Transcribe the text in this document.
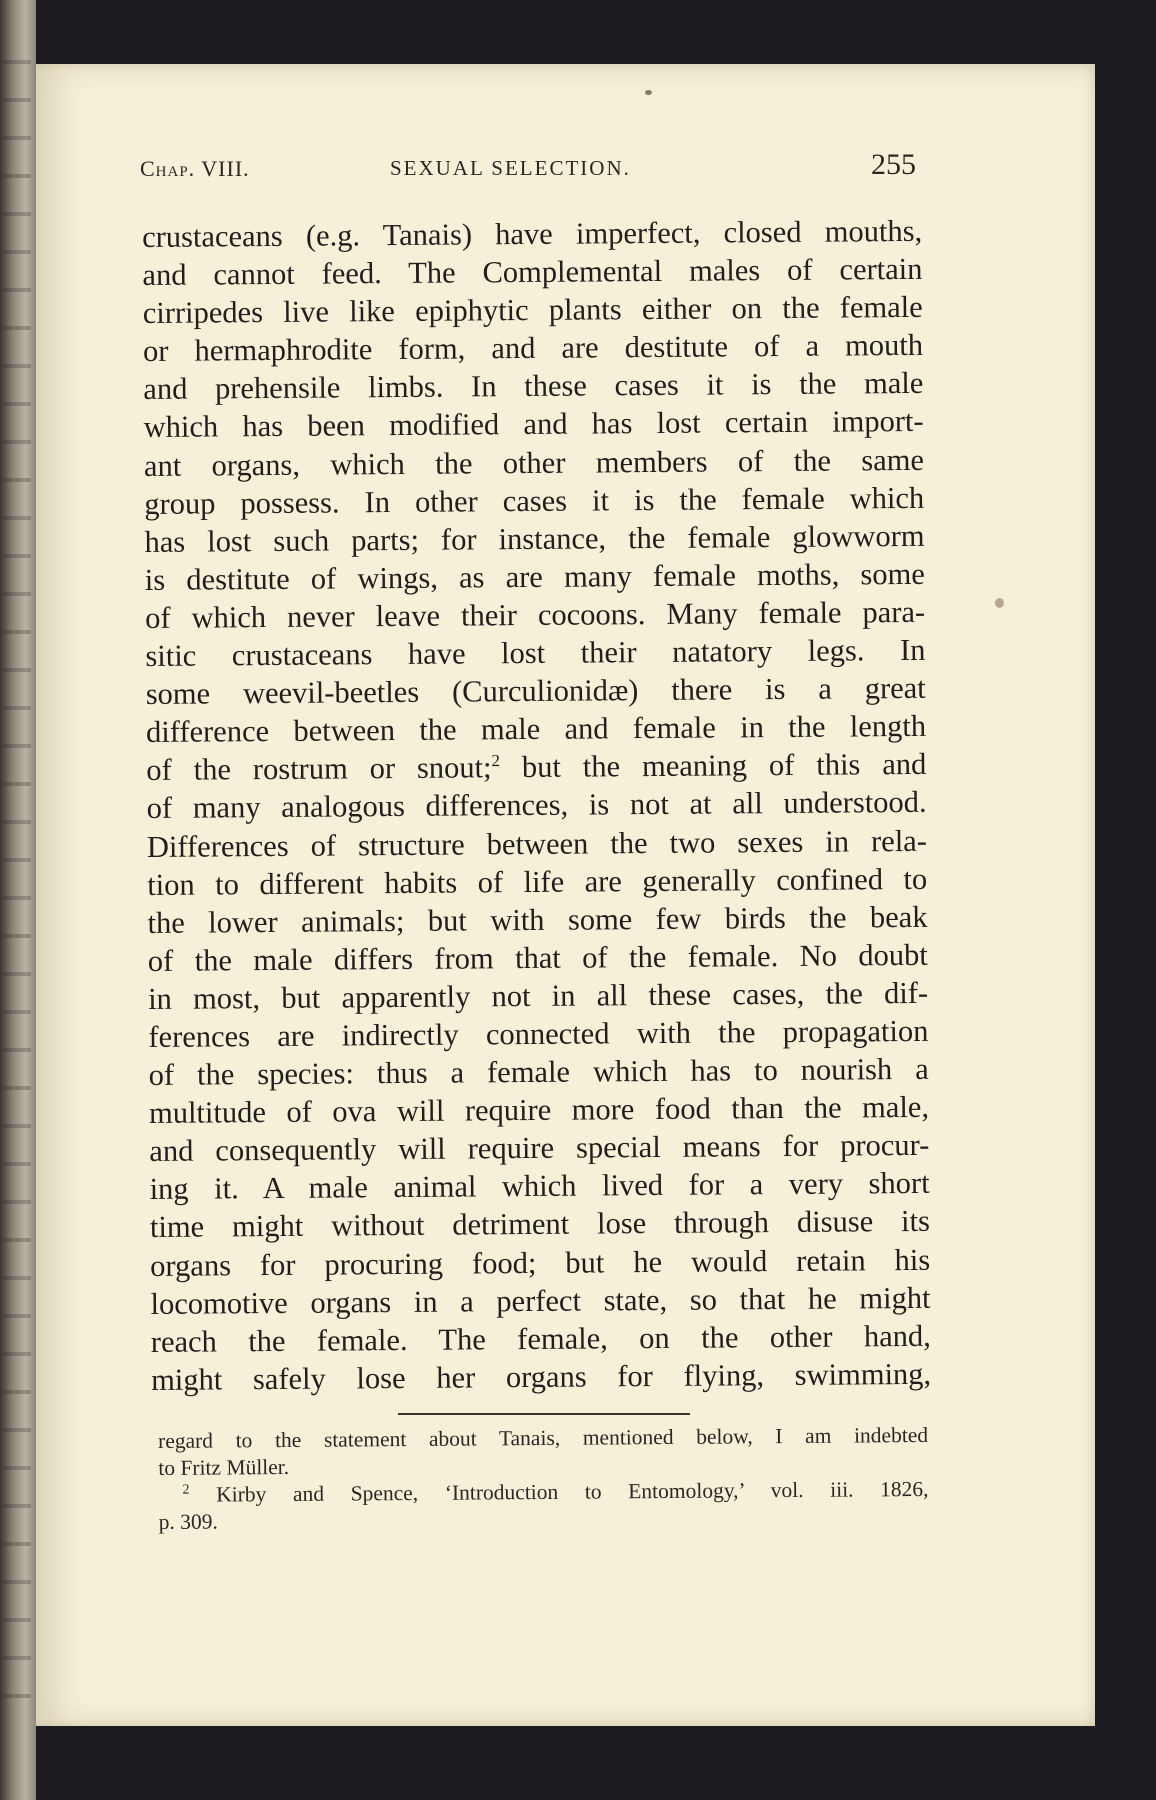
Chap. VIII.	SEXUAL SELECTION.	255
crustaceans (e.g. Tanais) have imperfect, closed mouths,
and cannot feed. The Complemental males of certain
cirripedes live like epiphytic plants either on the female
or hermaphrodite form, and are destitute of a mouth
and prehensile limbs. In these cases it is the male
which has been modified and has lost certain import-
ant organs, which the other members of the same
group possess. In other cases it is the female which
has lost such parts; for instance, the female glowworm
is destitute of wings, as are many female moths, some
of which never leave their cocoons. Many female para-
sitic crustaceans have lost their natatory legs. In
some weevil-beetles (Curculionidæ) there is a great
difference between the male and female in the length
of the rostrum or snout;$^2$ but the meaning of this and
of many analogous differences, is not at all understood.
Differences of structure between the two sexes in rela-
tion to different habits of life are generally confined to
the lower animals; but with some few birds the beak
of the male differs from that of the female. No doubt
in most, but apparently not in all these cases, the dif-
ferences are indirectly connected with the propagation
of the species: thus a female which has to nourish a
multitude of ova will require more food than the male,
and consequently will require special means for procur-
ing it. A male animal which lived for a very short
time might without detriment lose through disuse its
organs for procuring food; but he would retain his
locomotive organs in a perfect state, so that he might
reach the female. The female, on the other hand,
might safely lose her organs for flying, swimming,
regard to the statement about Tanais, mentioned below, I am indebted
to Fritz Müller.
$^2$ Kirby and Spence, ‘Introduction to Entomology,’ vol. iii. 1826,
p. 309.
